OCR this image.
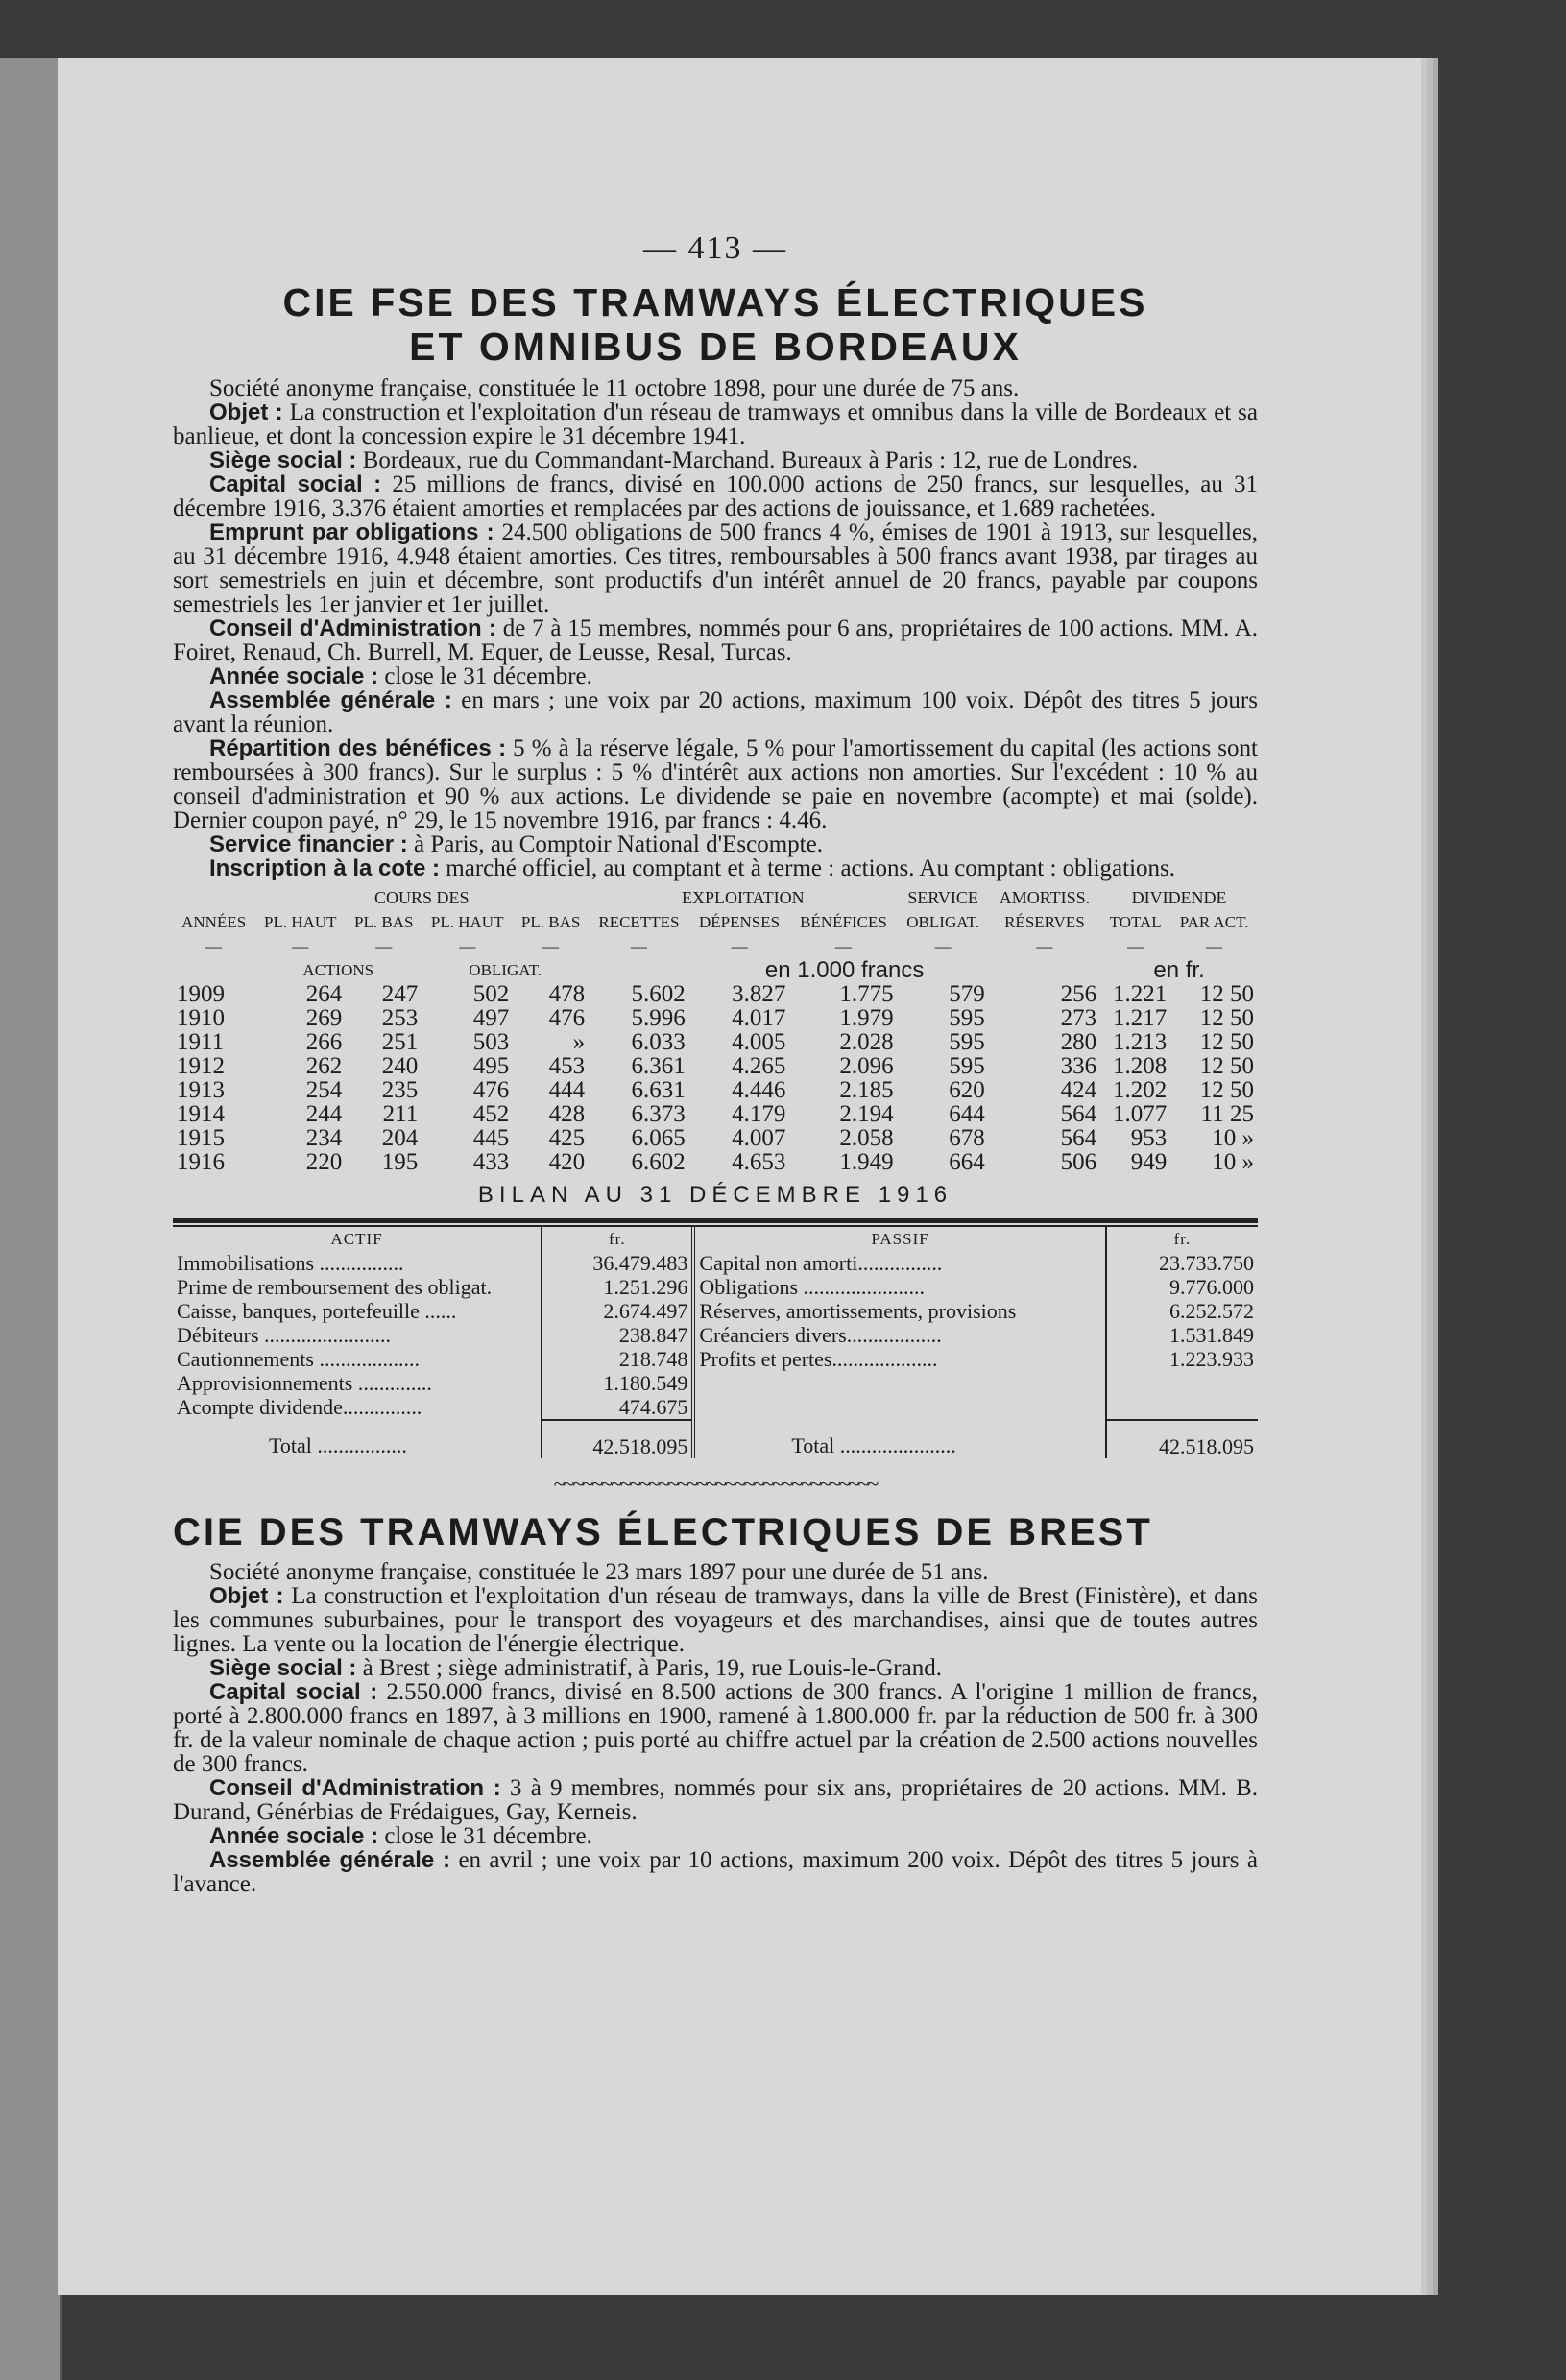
— 413 —
CIE FSE DES TRAMWAYS ÉLECTRIQUES
ET OMNIBUS DE BORDEAUX

Société anonyme française, constituée le 11 octobre 1898, pour une durée de 75 ans.

Objet : La construction et l'exploitation d'un réseau de tramways et omnibus dans la ville de Bordeaux et sa banlieue, et dont la concession expire le 31 décembre 1941.

Siège social : Bordeaux, rue du Commandant-Marchand. Bureaux à Paris : 12, rue de Londres.

Capital social : 25 millions de francs, divisé en 100.000 actions de 250 francs, sur lesquelles, au 31 décembre 1916, 3.376 étaient amorties et remplacées par des actions de jouissance, et 1.689 rachetées.

Emprunt par obligations : 24.500 obligations de 500 francs 4 %, émises de 1901 à 1913, sur lesquelles, au 31 décembre 1916, 4.948 étaient amorties. Ces titres, remboursables à 500 francs avant 1938, par tirages au sort semestriels en juin et décembre, sont productifs d'un intérêt annuel de 20 francs, payable par coupons semestriels les 1er janvier et 1er juillet.

Conseil d'Administration : de 7 à 15 membres, nommés pour 6 ans, propriétaires de 100 actions. MM. A. Foiret, Renaud, Ch. Burrell, M. Equer, de Leusse, Resal, Turcas.

Année sociale : close le 31 décembre.

Assemblée générale : en mars ; une voix par 20 actions, maximum 100 voix. Dépôt des titres 5 jours avant la réunion.

Répartition des bénéfices : 5 % à la réserve légale, 5 % pour l'amortissement du capital (les actions sont remboursées à 300 francs). Sur le surplus : 5 % d'intérêt aux actions non amorties. Sur l'excédent : 10 % au conseil d'administration et 90 % aux actions. Le dividende se paie en novembre (acompte) et mai (solde). Dernier coupon payé, n° 29, le 15 novembre 1916, par francs : 4.46.

Service financier : à Paris, au Comptoir National d'Escompte.

Inscription à la cote : marché officiel, au comptant et à terme : actions. Au comptant : obligations.

	COURS DES				EXPLOITATION			SERVICE	AMORTISS.	DIVIDENDE	
ANNÉES	PL. HAUT	PL. BAS	PL. HAUT	PL. BAS	RECETTES	DÉPENSES	BÉNÉFICES	OBLIGAT.	RÉSERVES	TOTAL	PAR ACT.
—	—	—	—	—	—	—	—	—	—	—	—
	ACTIONS		OBLIGAT.		en 1.000 francs					en fr.	
1909	264	247	502	478	5.602	3.827	1.775	579	256	1.221	12 50
1910	269	253	497	476	5.996	4.017	1.979	595	273	1.217	12 50
1911	266	251	503	»	6.033	4.005	2.028	595	280	1.213	12 50
1912	262	240	495	453	6.361	4.265	2.096	595	336	1.208	12 50
1913	254	235	476	444	6.631	4.446	2.185	620	424	1.202	12 50
1914	244	211	452	428	6.373	4.179	2.194	644	564	1.077	11 25
1915	234	204	445	425	6.065	4.007	2.058	678	564	953	10 »
1916	220	195	433	420	6.602	4.653	1.949	664	506	949	10 »
BILAN AU 31 DÉCEMBRE 1916
ACTIF	fr.	PASSIF	fr.
Immobilisations ................	36.479.483	Capital non amorti................	23.733.750
Prime de remboursement des obligat.	1.251.296	Obligations .......................	9.776.000
Caisse, banques, portefeuille ......	2.674.497	Réserves, amortissements, provisions	6.252.572
Débiteurs ........................	238.847	Créanciers divers..................	1.531.849
Cautionnements ...................	218.748	Profits et pertes....................	1.223.933
Approvisionnements ..............	1.180.549		
Acompte dividende...............	474.675		
Total .................	42.518.095	Total ......................	42.518.095
~~~~~~~~~~~~~~~~~~~~~~~~~~~~~~~~~~
CIE DES TRAMWAYS ÉLECTRIQUES DE BREST

Société anonyme française, constituée le 23 mars 1897 pour une durée de 51 ans.

Objet : La construction et l'exploitation d'un réseau de tramways, dans la ville de Brest (Finistère), et dans les communes suburbaines, pour le transport des voyageurs et des marchandises, ainsi que de toutes autres lignes. La vente ou la location de l'énergie électrique.

Siège social : à Brest ; siège administratif, à Paris, 19, rue Louis-le-Grand.

Capital social : 2.550.000 francs, divisé en 8.500 actions de 300 francs. A l'origine 1 million de francs, porté à 2.800.000 francs en 1897, à 3 millions en 1900, ramené à 1.800.000 fr. par la réduction de 500 fr. à 300 fr. de la valeur nominale de chaque action ; puis porté au chiffre actuel par la création de 2.500 actions nouvelles de 300 francs.

Conseil d'Administration : 3 à 9 membres, nommés pour six ans, propriétaires de 20 actions. MM. B. Durand, Générbias de Frédaigues, Gay, Kerneis.

Année sociale : close le 31 décembre.

Assemblée générale : en avril ; une voix par 10 actions, maximum 200 voix. Dépôt des titres 5 jours à l'avance.
